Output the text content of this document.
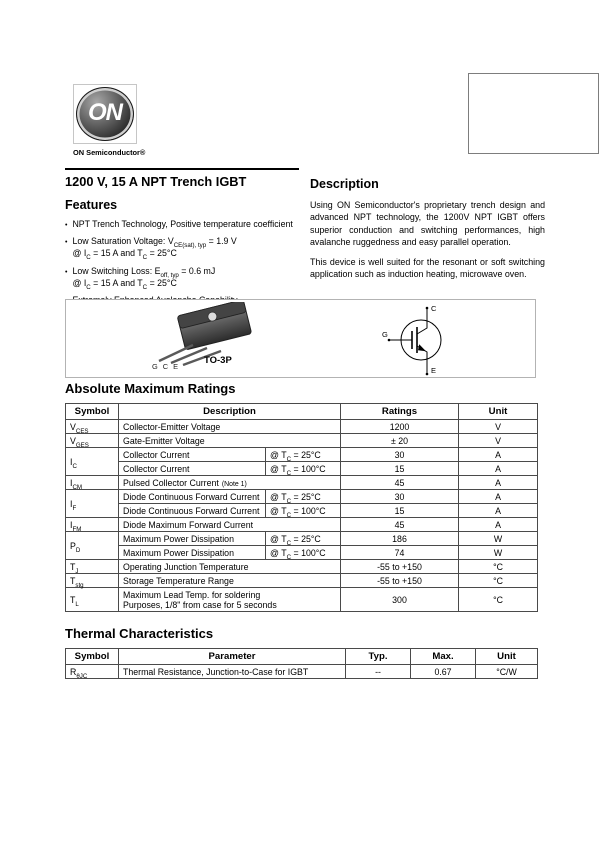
ON
ON Semiconductor®
1200 V, 15 A NPT Trench IGBT
Features
• NPT Trench Technology, Positive temperature coefficient
• Low Saturation Voltage: $V_{CE(sat), typ} = 1.9$ V
@ $I_C = 15$ A and $T_C = 25^\circ C$
• Low Switching Loss: $E_{off, typ} = 0.6$ mJ
@ $I_C = 15$ A and $T_C = 25^\circ C$
Description

Using ON Semiconductor's proprietary trench design and advanced NPT technology, the 1200V NPT IGBT offers superior conduction and switching performances, high avalanche ruggedness and easy parallel operation.

This device is well suited for the resonant or soft switching application such as induction heating, microwave oven.

G C E
TO-3P
C
G
E
Absolute Maximum Ratings
Symbol	Description		Ratings	Unit
$V_{CES}$	Collector-Emitter Voltage		1200	V
$V_{GES}$	Gate-Emitter Voltage		± 20	V
$I_C$	Collector Current	@ $T_C = 25^\circ C$	30	A
	Collector Current	@ $T_C = 100^\circ C$	15	A
$I_{CM}$	Pulsed Collector Current (Note 1)		45	A
$I_F$	Diode Continuous Forward Current	@ $T_C = 25^\circ C$	30	A
	Diode Continuous Forward Current	@ $T_C = 100^\circ C$	15	A
$I_{FM}$	Diode Maximum Forward Current		45	A
$P_D$	Maximum Power Dissipation	@ $T_C = 25^\circ C$	186	W
	Maximum Power Dissipation	@ $T_C = 100^\circ C$	74	W
$T_J$	Operating Junction Temperature		-55 to +150	°C
$T_{stg}$	Storage Temperature Range		-55 to +150	°C
$T_L$	Maximum Lead Temp. for soldering
Purposes, 1/8" from case for 5 seconds		300	°C
Thermal Characteristics
Symbol	Parameter	Typ.	Max.	Unit
$R_{\theta JC}$	Thermal Resistance, Junction-to-Case for IGBT	--	0.67	°C/W
